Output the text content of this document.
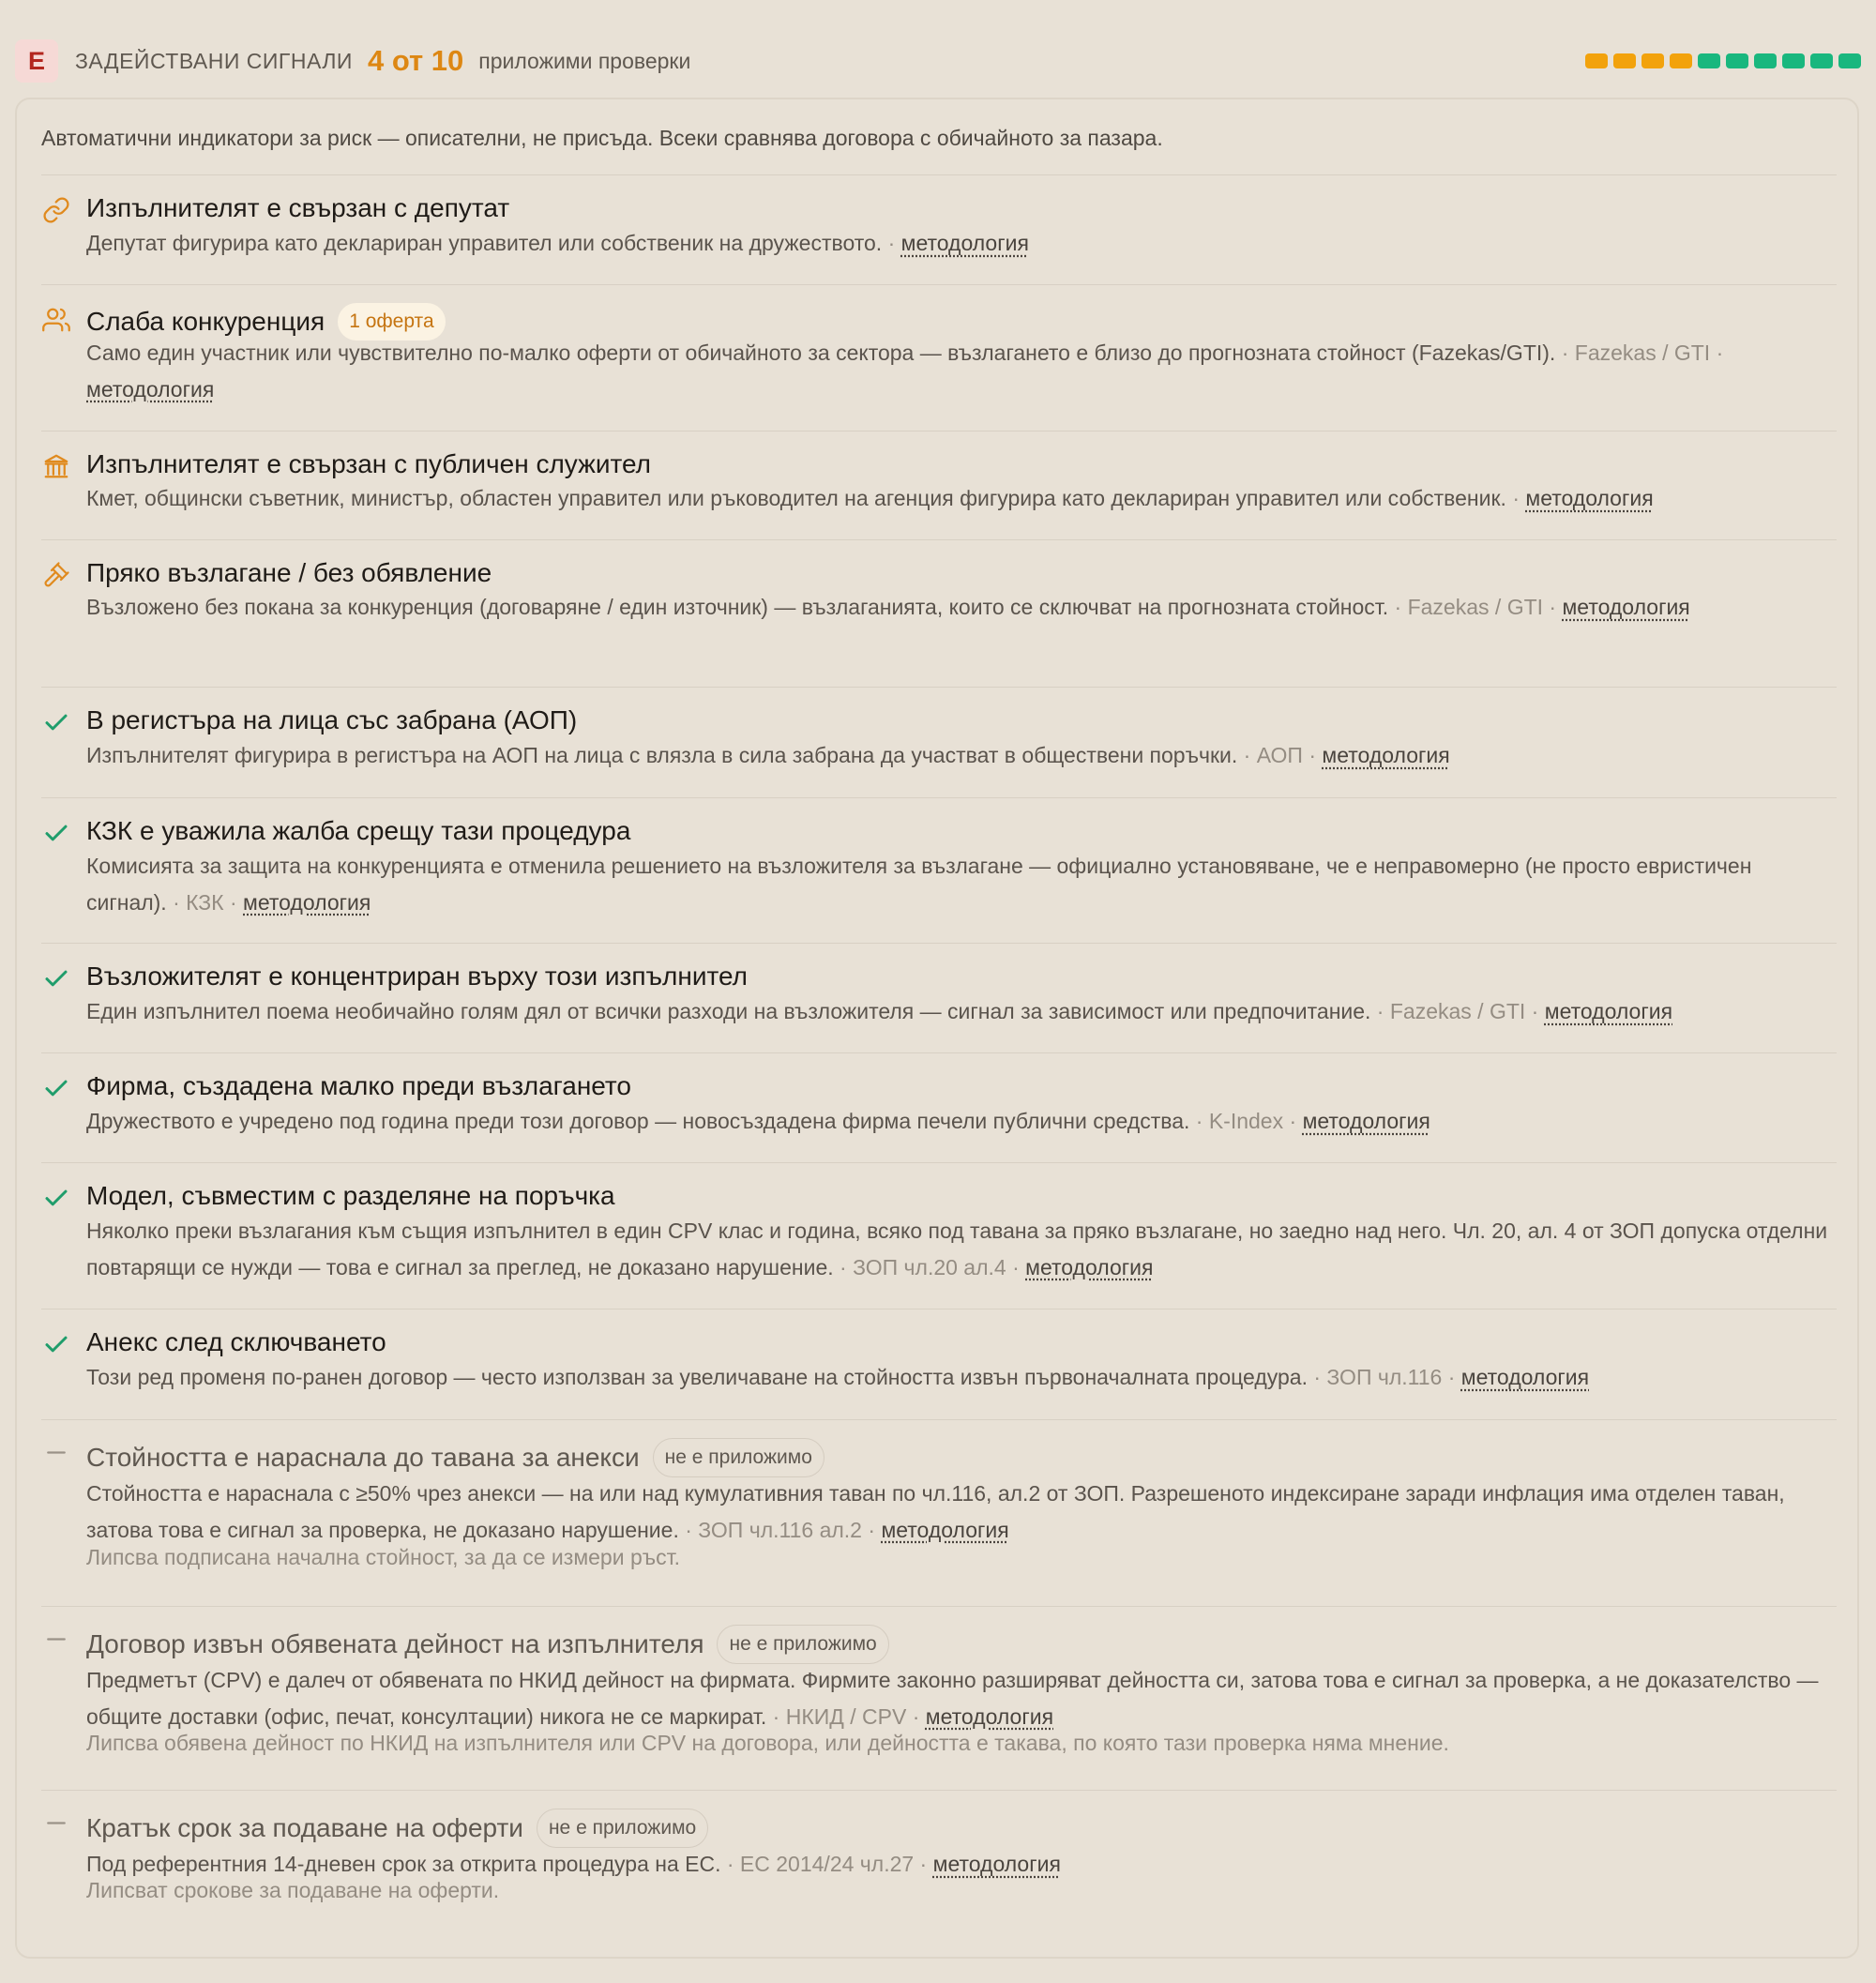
E	ЗАДЕЙСТВАНИ СИГНАЛИ 4 от 10 приложими проверки
Автоматични индикатори за риск — описателни, не присъда. Всеки сравнява договора с обичайното за пазара.
Изпълнителят е свързан с депутат
Депутат фигурира като деклариран управител или собственик на дружеството. · методология
Слаба конкуренция	1 оферта
Само един участник или чувствително по-малко оферти от обичайното за сектора — възлагането е близо до прогнозната стойност (Fazekas/GTI). · Fazekas / GTI · методология
Изпълнителят е свързан с публичен служител
Кмет, общински съветник, министър, областен управител или ръководител на агенция фигурира като деклариран управител или собственик. · методология
Пряко възлагане / без обявление
Възложено без покана за конкуренция (договаряне / един източник) — възлаганията, които се сключват на прогнозната стойност. · Fazekas / GTI · методология
В регистъра на лица със забрана (АОП)
Изпълнителят фигурира в регистъра на АОП на лица с влязла в сила забрана да участват в обществени поръчки. · АОП · методология
КЗК е уважила жалба срещу тази процедура
Комисията за защита на конкуренцията е отменила решението на възложителя за възлагане — официално установяване, че е неправомерно (не просто евристичен сигнал). · КЗК · методология
Възложителят е концентриран върху този изпълнител
Един изпълнител поема необичайно голям дял от всички разходи на възложителя — сигнал за зависимост или предпочитание. · Fazekas / GTI · методология
Фирма, създадена малко преди възлагането
Дружеството е учредено под година преди този договор — новосъздадена фирма печели публични средства. · K-Index · методология
Модел, съвместим с разделяне на поръчка
Няколко преки възлагания към същия изпълнител в един CPV клас и година, всяко под тавана за пряко възлагане, но заедно над него. Чл. 20, ал. 4 от ЗОП допуска отделни повтарящи се нужди — това е сигнал за преглед, не доказано нарушение. · ЗОП чл.20 ал.4 · методология
Анекс след сключването
Този ред променя по-ранен договор — често използван за увеличаване на стойността извън първоначалната процедура. · ЗОП чл.116 · методология
Стойността е нараснала до тавана за анекси	не е приложимо
Стойността е нараснала с ≥50% чрез анекси — на или над кумулативния таван по чл.116, ал.2 от ЗОП. Разрешеното индексиране заради инфлация има отделен таван, затова това е сигнал за проверка, не доказано нарушение. · ЗОП чл.116 ал.2 · методология
Липсва подписана начална стойност, за да се измери ръст.
Договор извън обявената дейност на изпълнителя	не е приложимо
Предметът (CPV) е далеч от обявената по НКИД дейност на фирмата. Фирмите законно разширяват дейността си, затова това е сигнал за проверка, а не доказателство — общите доставки (офис, печат, консултации) никога не се маркират. · НКИД / CPV · методология
Липсва обявена дейност по НКИД на изпълнителя или CPV на договора, или дейността е такава, по която тази проверка няма мнение.
Кратък срок за подаване на оферти	не е приложимо
Под референтния 14-дневен срок за открита процедура на ЕС. · ЕС 2014/24 чл.27 · методология
Липсват срокове за подаване на оферти.
